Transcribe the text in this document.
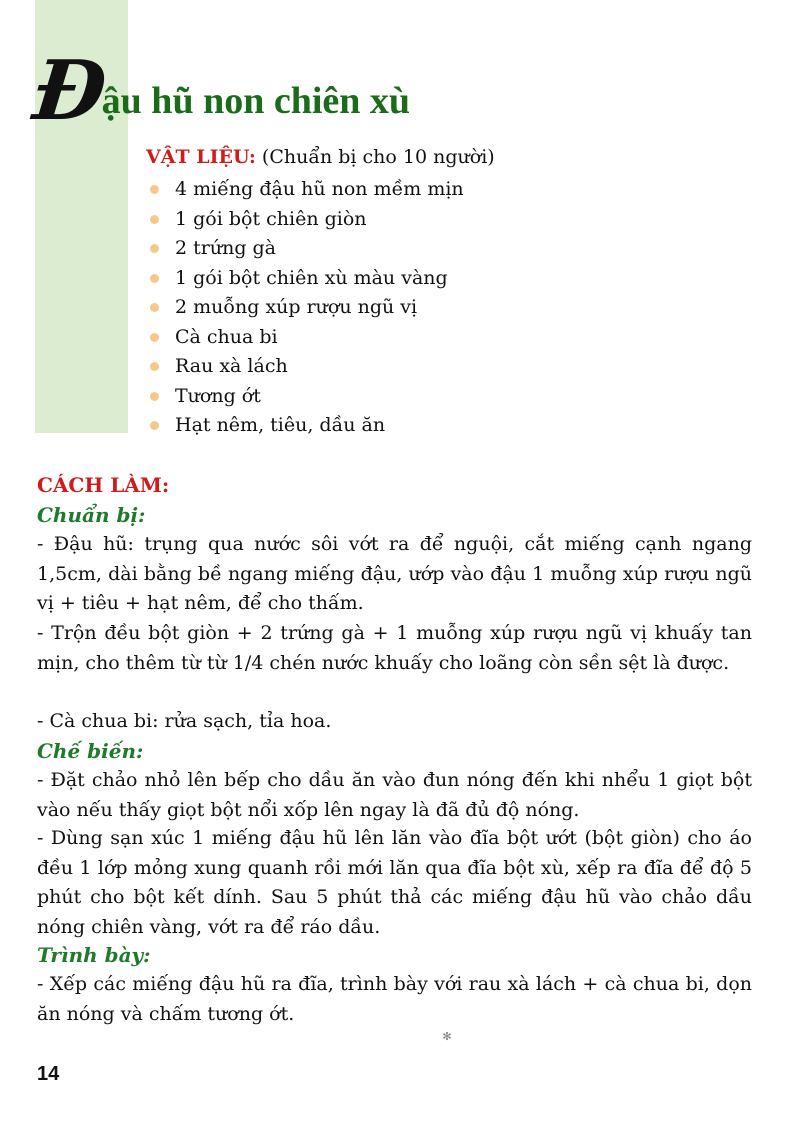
Đậu hũ non chiên xù
VẬT LIỆU: (Chuẩn bị cho 10 người)
4 miếng đậu hũ non mềm mịn
1 gói bột chiên giòn
2 trứng gà
1 gói bột chiên xù màu vàng
2 muỗng xúp rượu ngũ vị
Cà chua bi
Rau xà lách
Tương ớt
Hạt nêm, tiêu, dầu ăn
CÁCH LÀM:
Chuẩn bị:

- Đậu hũ: trụng qua nước sôi vớt ra để nguội, cắt miếng cạnh ngang 1,5cm, dài bằng bề ngang miếng đậu, ướp vào đậu 1 muỗng xúp rượu ngũ vị + tiêu + hạt nêm, để cho thấm.

- Trộn đều bột giòn + 2 trứng gà + 1 muỗng xúp rượu ngũ vị khuấy tan mịn, cho thêm từ từ 1/4 chén nước khuấy cho loãng còn sền sệt là được.

- Cà chua bi: rửa sạch, tỉa hoa.

Chế biến:

- Đặt chảo nhỏ lên bếp cho dầu ăn vào đun nóng đến khi nhểu 1 giọt bột vào nếu thấy giọt bột nổi xốp lên ngay là đã đủ độ nóng.

- Dùng sạn xúc 1 miếng đậu hũ lên lăn vào đĩa bột ướt (bột giòn) cho áo đều 1 lớp mỏng xung quanh rồi mới lăn qua đĩa bột xù, xếp ra đĩa để độ 5 phút cho bột kết dính. Sau 5 phút thả các miếng đậu hũ vào chảo dầu nóng chiên vàng, vớt ra để ráo dầu.

Trình bày:

- Xếp các miếng đậu hũ ra đĩa, trình bày với rau xà lách + cà chua bi, dọn ăn nóng và chấm tương ớt.

✻
14
